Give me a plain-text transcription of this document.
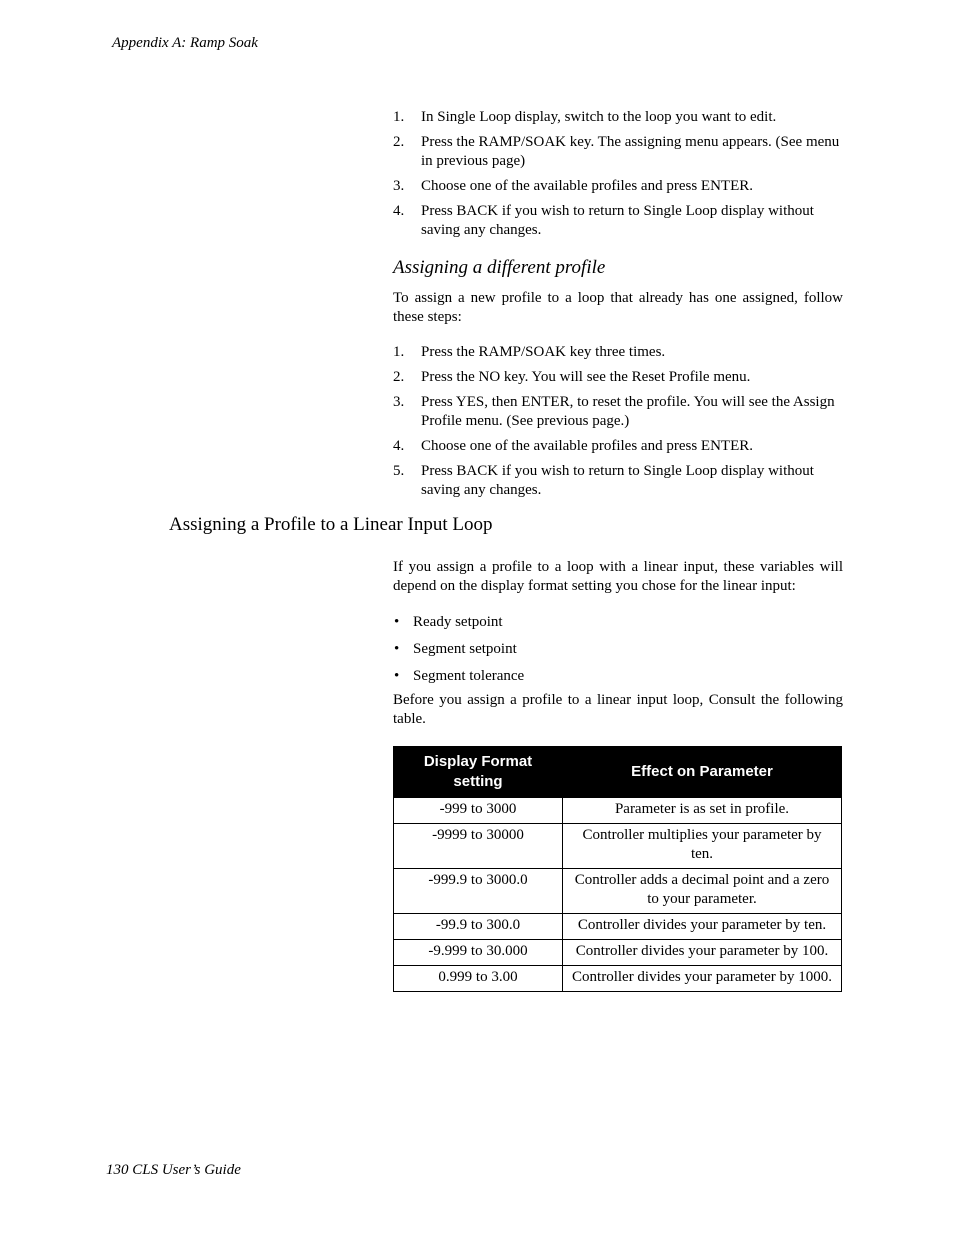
Appendix A: Ramp Soak
1. In Single Loop display, switch to the loop you want to edit.
2. Press the RAMP/SOAK key. The assigning menu appears. (See menu in previous page)
3. Choose one of the available profiles and press ENTER.
4. Press BACK if you wish to return to Single Loop display without saving any changes.
Assigning a different profile

To assign a new profile to a loop that already has one assigned, follow these steps:

1. Press the RAMP/SOAK key three times.
2. Press the NO key. You will see the Reset Profile menu.
3. Press YES, then ENTER, to reset the profile. You will see the Assign Profile menu. (See previous page.)
4. Choose one of the available profiles and press ENTER.
5. Press BACK if you wish to return to Single Loop display without saving any changes.
Assigning a Profile to a Linear Input Loop

If you assign a profile to a loop with a linear input, these variables will depend on the display format setting you chose for the linear input:

• Ready setpoint
• Segment setpoint
• Segment tolerance

Before you assign a profile to a linear input loop, Consult the following table.

Display Format setting	Effect on Parameter
-999 to 3000	Parameter is as set in profile.
-9999 to 30000	Controller multiplies your parameter by ten.
-999.9 to 3000.0	Controller adds a decimal point and a zero to your parameter.
-99.9 to 300.0	Controller divides your parameter by ten.
-9.999 to 30.000	Controller divides your parameter by 100.
0.999 to 3.00	Controller divides your parameter by 1000.
130 CLS User’s Guide
